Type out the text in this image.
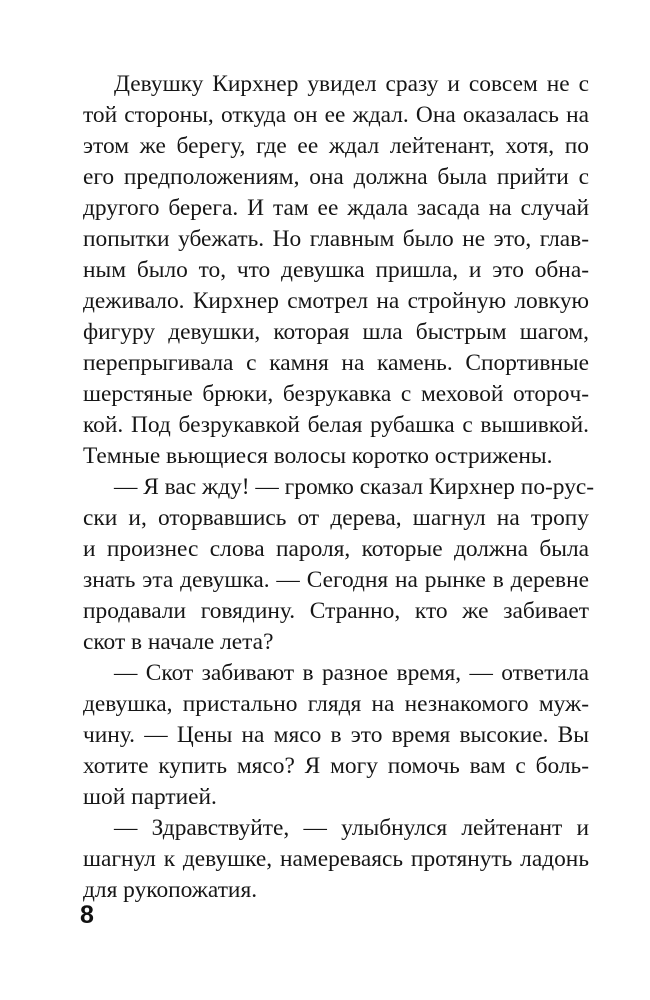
Девушку Кирхнер увидел сразу и совсем не с
той стороны, откуда он ее ждал. Она оказалась на
этом же берегу, где ее ждал лейтенант, хотя, по
его предположениям, она должна была прийти с
другого берега. И там ее ждала засада на случай
попытки убежать. Но главным было не это, глав-
ным было то, что девушка пришла, и это обна-
деживало. Кирхнер смотрел на стройную ловкую
фигуру девушки, которая шла быстрым шагом,
перепрыгивала с камня на камень. Спортивные
шерстяные брюки, безрукавка с меховой оторoч-
кой. Под безрукавкой белая рубашка с вышивкой.
Темные вьющиеся волосы коротко острижены.
— Я вас жду! — громко сказал Кирхнер по-рус-
ски и, оторвавшись от дерева, шагнул на тропу
и произнес слова пароля, которые должна была
знать эта девушка. — Сегодня на рынке в деревне
продавали говядину. Странно, кто же забивает
скот в начале лета?
— Скот забивают в разное время, — ответила
девушка, пристально глядя на незнакомого муж-
чину. — Цены на мясо в это время высокие. Вы
хотите купить мясо? Я могу помочь вам с боль-
шой партией.
— Здравствуйте, — улыбнулся лейтенант и
шагнул к девушке, намереваясь протянуть ладонь
для рукопожатия.
8
